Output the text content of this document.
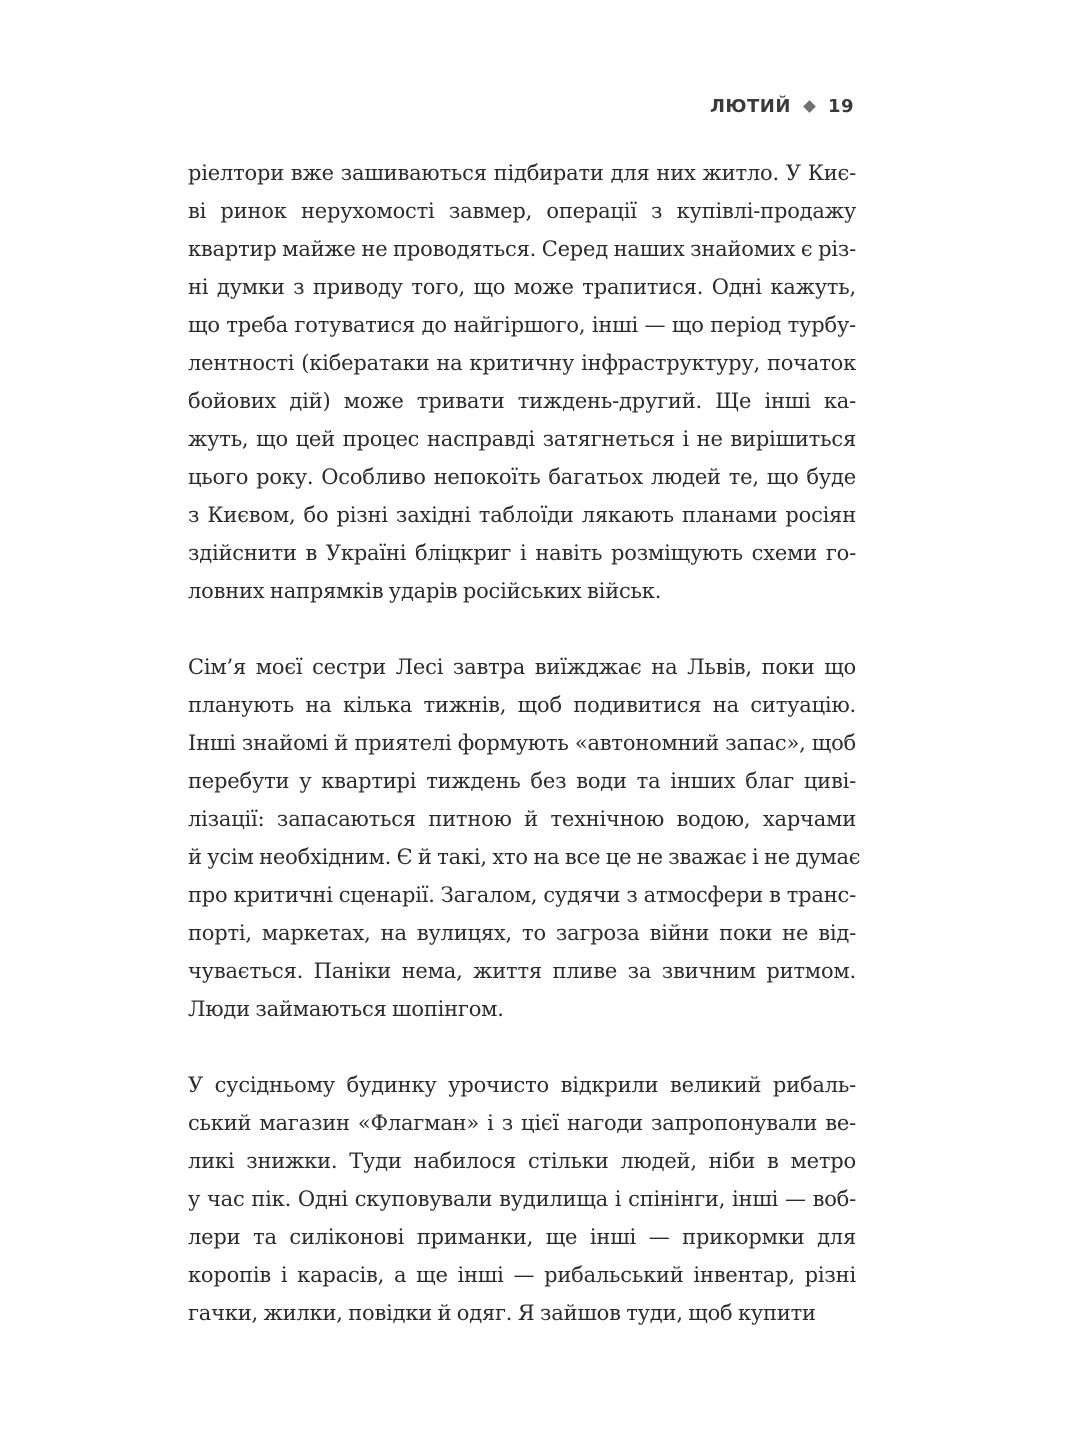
ЛЮТИЙ 19
ріелтори вже зашиваються підбирати для них житло. У Киє-
ві ринок нерухомості завмер, операції з купівлі-продажу
квартир майже не проводяться. Серед наших знайомих є різ-
ні думки з приводу того, що може трапитися. Одні кажуть,
що треба готуватися до найгіршого, інші — що період турбу-
лентності (кібератаки на критичну інфраструктуру, початок
бойових дій) може тривати тиждень-другий. Ще інші ка-
жуть, що цей процес насправді затягнеться і не вирішиться
цього року. Особливо непокоїть багатьох людей те, що буде
з Києвом, бо різні західні таблоїди лякають планами росіян
здійснити в Україні бліцкриг і навіть розміщують схеми го-
ловних напрямків ударів російських військ.
Сім’я моєї сестри Лесі завтра виїжджає на Львів, поки що
планують на кілька тижнів, щоб подивитися на ситуацію.
Інші знайомі й приятелі формують «автономний запас», щоб
перебути у квартирі тиждень без води та інших благ циві-
лізації: запасаються питною й технічною водою, харчами
й усім необхідним. Є й такі, хто на все це не зважає і не думає
про критичні сценарії. Загалом, судячи з атмосфери в транс-
порті, маркетах, на вулицях, то загроза війни поки не від-
чувається. Паніки нема, життя пливе за звичним ритмом.
Люди займаються шопінгом.
У сусідньому будинку урочисто відкрили великий рибаль-
ський магазин «Флагман» і з цієї нагоди запропонували ве-
ликі знижки. Туди набилося стільки людей, ніби в метро
у час пік. Одні скуповували вудилища і спінінги, інші — воб-
лери та силіконові приманки, ще інші — прикормки для
коропів і карасів, а ще інші — рибальський інвентар, різні
гачки, жилки, повідки й одяг. Я зайшов туди, щоб купити
